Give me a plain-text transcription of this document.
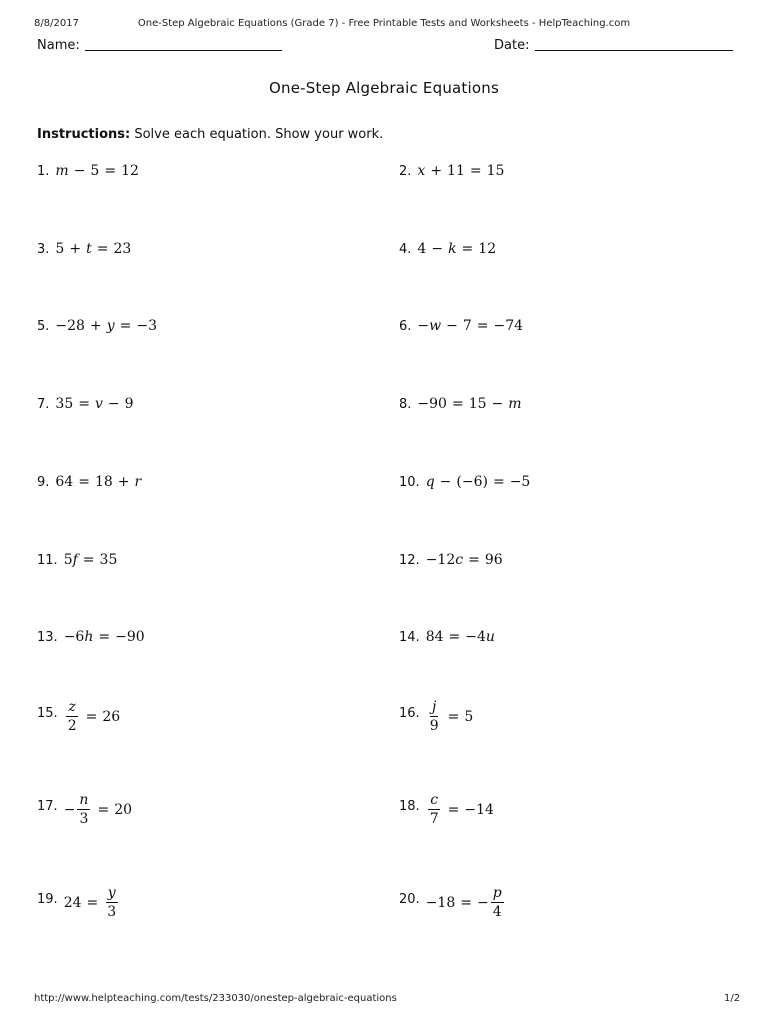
8/8/2017	One-Step Algebraic Equations (Grade 7) - Free Printable Tests and Worksheets - HelpTeaching.com
Name:	Date:
One-Step Algebraic Equations
Instructions: Solve each equation. Show your work.
1. m − 5 = 12	2. x + 11 = 15
3. 5 + t = 23	4. 4 − k = 12
5. −28 + y = −3	6. − w − 7 = −74
7. 35 = v − 9	8. −90 = 15 − m
9. 64 = 18 + r	10. q − (−6) = −5
11. 5 f = 35	12. −12 c = 96
13. −6 h = −90	14. 84 = −4 u
15. $\frac{z}{2} = 26$	16. $\frac{j}{9} = 5$
17. − $\frac{n}{3} = 20$	18. $\frac{c}{7} = -14$
19. $24 = \frac{y}{3}$	20. −18 = − $\frac{p}{4}$
http://www.helpteaching.com/tests/233030/onestep-algebraic-equations	1/2
